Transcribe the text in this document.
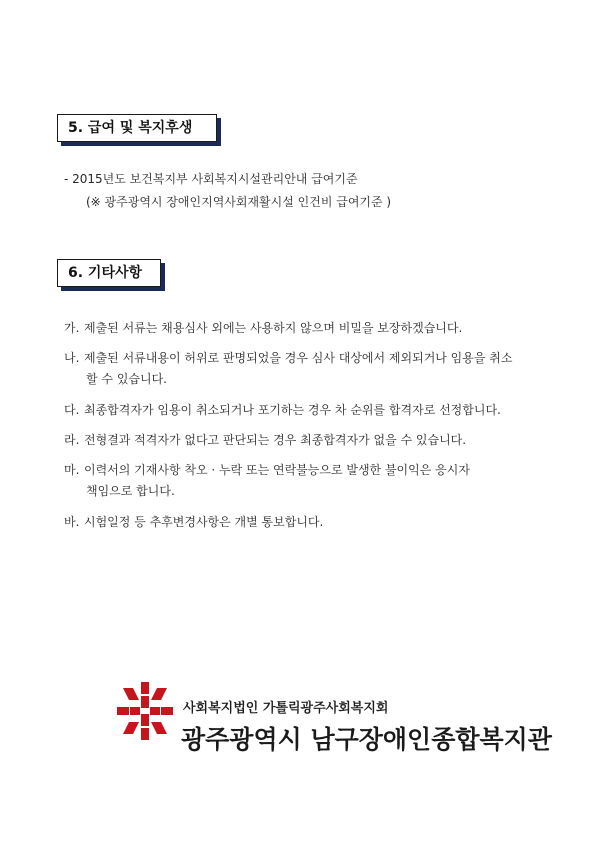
5. 급여 및 복지후생
- 2015년도 보건복지부 사회복지시설관리안내 급여기준
(※ 광주광역시 장애인지역사회재활시설 인건비 급여기준 )
6. 기타사항
가. 제출된 서류는 채용심사 외에는 사용하지 않으며 비밀을 보장하겠습니다.
나. 제출된 서류내용이 허위로 판명되었을 경우 심사 대상에서 제외되거나 임용을 취소
할 수 있습니다.
다. 최종합격자가 임용이 취소되거나 포기하는 경우 차 순위를 합격자로 선정합니다.
라. 전형결과 적격자가 없다고 판단되는 경우 최종합격자가 없을 수 있습니다.
마. 이력서의 기재사항 착오 · 누락 또는 연락불능으로 발생한 불이익은 응시자
책임으로 합니다.
바. 시험일정 등 추후변경사항은 개별 통보합니다.
사회복지법인 가톨릭광주사회복지회
광주광역시 남구장애인종합복지관
